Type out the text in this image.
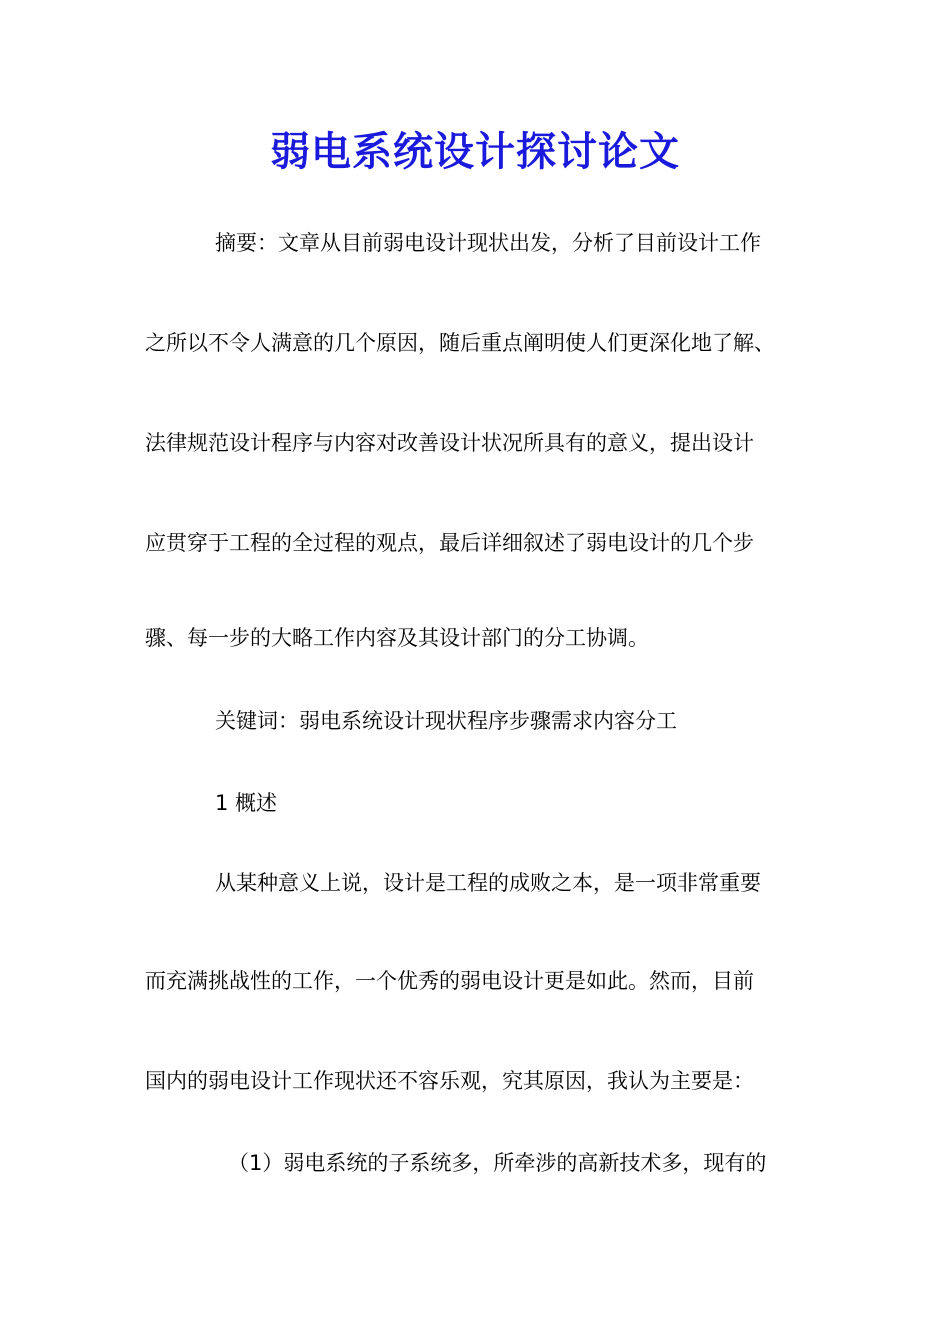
弱电系统设计探讨论文
摘要：文章从目前弱电设计现状出发，分析了目前设计工作
之所以不令人满意的几个原因，随后重点阐明使人们更深化地了解、
法律规范设计程序与内容对改善设计状况所具有的意义，提出设计
应贯穿于工程的全过程的观点，最后详细叙述了弱电设计的几个步
骤、每一步的大略工作内容及其设计部门的分工协调。
关键词：弱电系统设计现状程序步骤需求内容分工
1 概述
从某种意义上说，设计是工程的成败之本，是一项非常重要
而充满挑战性的工作，一个优秀的弱电设计更是如此。然而，目前
国内的弱电设计工作现状还不容乐观，究其原因，我认为主要是：
（1）弱电系统的子系统多，所牵涉的高新技术多，现有的
